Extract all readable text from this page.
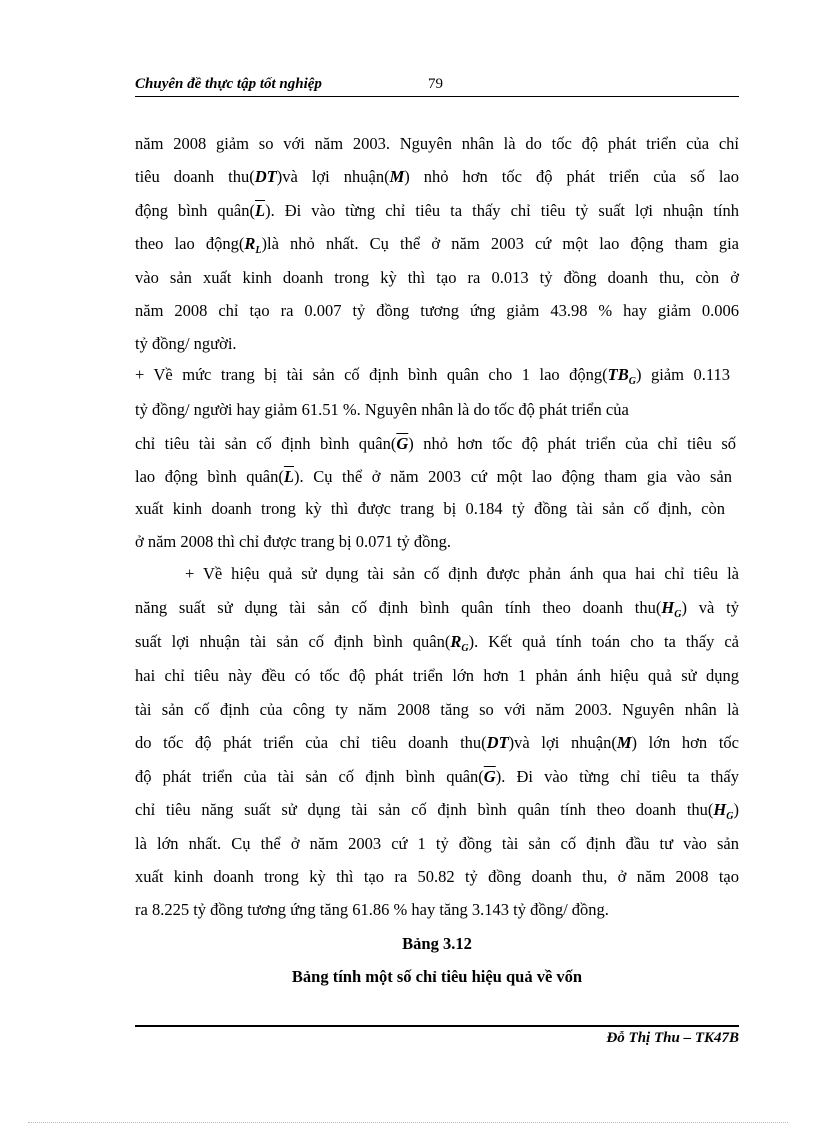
Chuyên đề thực tập tốt nghiệp	79
năm 2008 giảm so với năm 2003. Nguyên nhân là do tốc độ phát triển của chỉ
tiêu doanh thu(DT)và lợi nhuận(M) nhỏ hơn tốc độ phát triển của số lao
động bình $quân(\overline{L})$. Đi vào từng chỉ tiêu ta thấy chỉ tiêu tỷ suất lợi nhuận tính
theo lao $động(R_L)là$ nhỏ nhất. Cụ thể ở năm 2003 cứ một lao động tham gia
vào sản xuất kinh doanh trong kỳ thì tạo ra 0.013 tỷ đồng doanh thu, còn ở
năm 2008 chỉ tạo ra 0.007 tỷ đồng tương ứng giảm 43.98 % hay giảm 0.006
tỷ đồng/ người.
+ Về mức trang bị tài sản cố định bình quân cho 1 lao $động(TB_G)$ giảm 0.113
tỷ đồng/ người hay giảm 61.51 %. Nguyên nhân là do tốc độ phát triển của
chỉ tiêu tài sản cố định bình $quân(\overline{G})$ nhỏ hơn tốc độ phát triển của chỉ tiêu số
lao động bình $quân(\overline{L})$. Cụ thể ở năm 2003 cứ một lao động tham gia vào sản
xuất kinh doanh trong kỳ thì được trang bị 0.184 tỷ đồng tài sản cố định, còn
ở năm 2008 thì chỉ được trang bị 0.071 tỷ đồng.
+ Về hiệu quả sử dụng tài sản cố định được phản ánh qua hai chỉ tiêu là
năng suất sử dụng tài sản cố định bình quân tính theo doanh $thu(H_G)$ và tỷ
suất lợi nhuận tài sản cố định bình $quân(R_G)$. Kết quả tính toán cho ta thấy cả
hai chỉ tiêu này đều có tốc độ phát triển lớn hơn 1 phản ánh hiệu quả sử dụng
tài sản cố định của công ty năm 2008 tăng so với năm 2003. Nguyên nhân là
do tốc độ phát triển của chỉ tiêu doanh thu(DT)và lợi nhuận(M) lớn hơn tốc
độ phát triển của tài sản cố định bình $quân(\overline{G})$. Đi vào từng chỉ tiêu ta thấy
chỉ tiêu năng suất sử dụng tài sản cố định bình quân tính theo doanh $thu(H_G)$
là lớn nhất. Cụ thể ở năm 2003 cứ 1 tỷ đồng tài sản cố định đầu tư vào sản
xuất kinh doanh trong kỳ thì tạo ra 50.82 tỷ đồng doanh thu, ở năm 2008 tạo
ra 8.225 tỷ đồng tương ứng tăng 61.86 % hay tăng 3.143 tỷ đồng/ đồng.
Bảng 3.12
Bảng tính một số chỉ tiêu hiệu quả về vốn
Đỗ Thị Thu – TK47B
